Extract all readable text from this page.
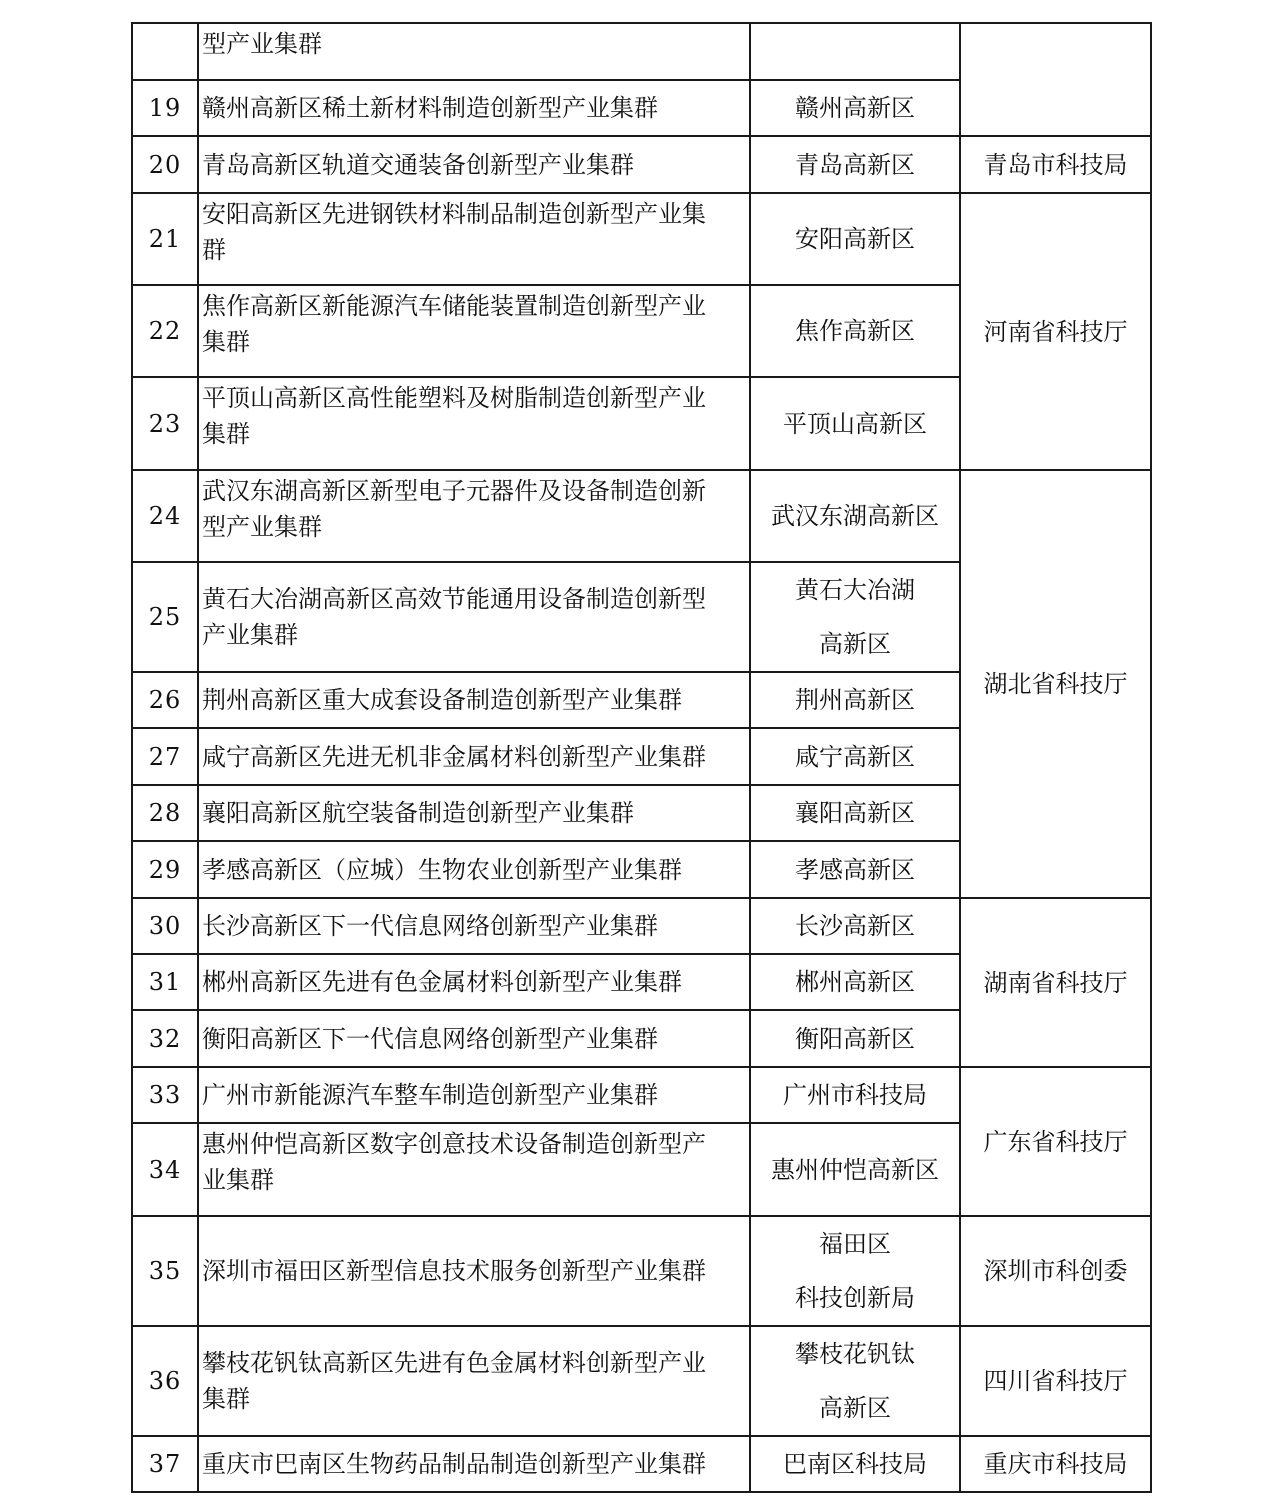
	型产业集群		

19	赣州高新区稀土新材料制造创新型产业集群	赣州高新区	
20	青岛高新区轨道交通装备创新型产业集群	青岛高新区	青岛市科技局
21	安阳高新区先进钢铁材料制品制造创新型产业集
群	安阳高新区	河南省科技厅
22	焦作高新区新能源汽车储能装置制造创新型产业
集群	焦作高新区	
23	平顶山高新区高性能塑料及树脂制造创新型产业
集群	平顶山高新区	
24	武汉东湖高新区新型电子元器件及设备制造创新
型产业集群	武汉东湖高新区	湖北省科技厅
25	黄石大冶湖高新区高效节能通用设备制造创新型
产业集群	黄石大冶湖
高新区	

26	荆州高新区重大成套设备制造创新型产业集群	荆州高新区	
27	咸宁高新区先进无机非金属材料创新型产业集群	咸宁高新区	
28	襄阳高新区航空装备制造创新型产业集群	襄阳高新区	
29	孝感高新区（应城）生物农业创新型产业集群	孝感高新区	
30	长沙高新区下一代信息网络创新型产业集群	长沙高新区	湖南省科技厅
31	郴州高新区先进有色金属材料创新型产业集群	郴州高新区	
32	衡阳高新区下一代信息网络创新型产业集群	衡阳高新区	
33	广州市新能源汽车整车制造创新型产业集群	广州市科技局	广东省科技厅
34	惠州仲恺高新区数字创意技术设备制造创新型产
业集群	惠州仲恺高新区	
35	深圳市福田区新型信息技术服务创新型产业集群	福田区
科技创新局	深圳市科创委
36	攀枝花钒钛高新区先进有色金属材料创新型产业
集群	攀枝花钒钛
高新区	四川省科技厅
37	重庆市巴南区生物药品制品制造创新型产业集群	巴南区科技局	重庆市科技局
